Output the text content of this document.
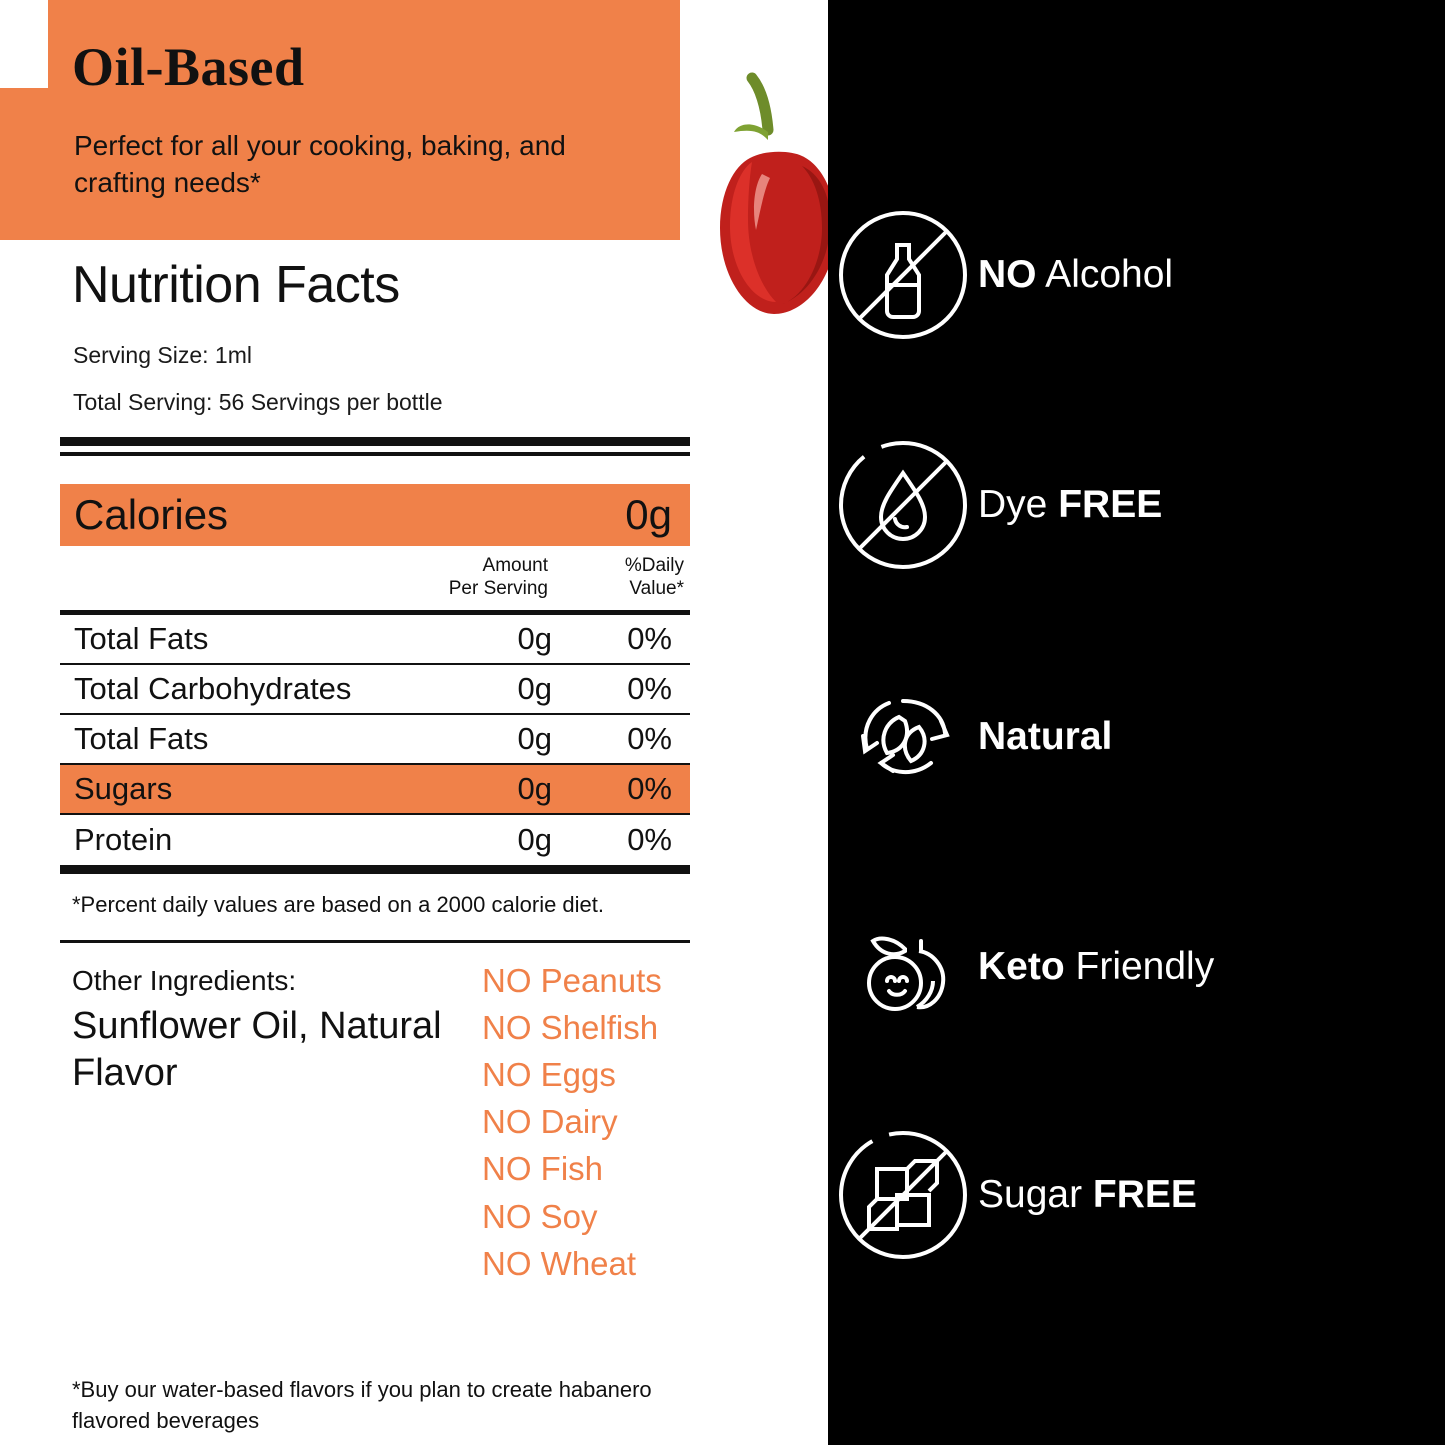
Oil-Based
Perfect for all your cooking, baking, and crafting needs*
Nutrition Facts
Serving Size: 1ml
Total Serving: 56 Servings per bottle
Calories	0g
Amount
Per Serving
%Daily
Value*
Total Fats	0g	0%
Total Carbohydrates	0g	0%
Total Fats	0g	0%
Sugars	0g	0%
Protein	0g	0%
*Percent daily values are based on a 2000 calorie diet.
Other Ingredients:
Sunflower Oil, Natural Flavor
NO Peanuts
NO Shelfish
NO Eggs
NO Dairy
NO Fish
NO Soy
NO Wheat
*Buy our water-based flavors if you plan to create habanero flavored beverages
NO Alcohol
Dye FREE
Natural
Keto Friendly
Sugar FREE
